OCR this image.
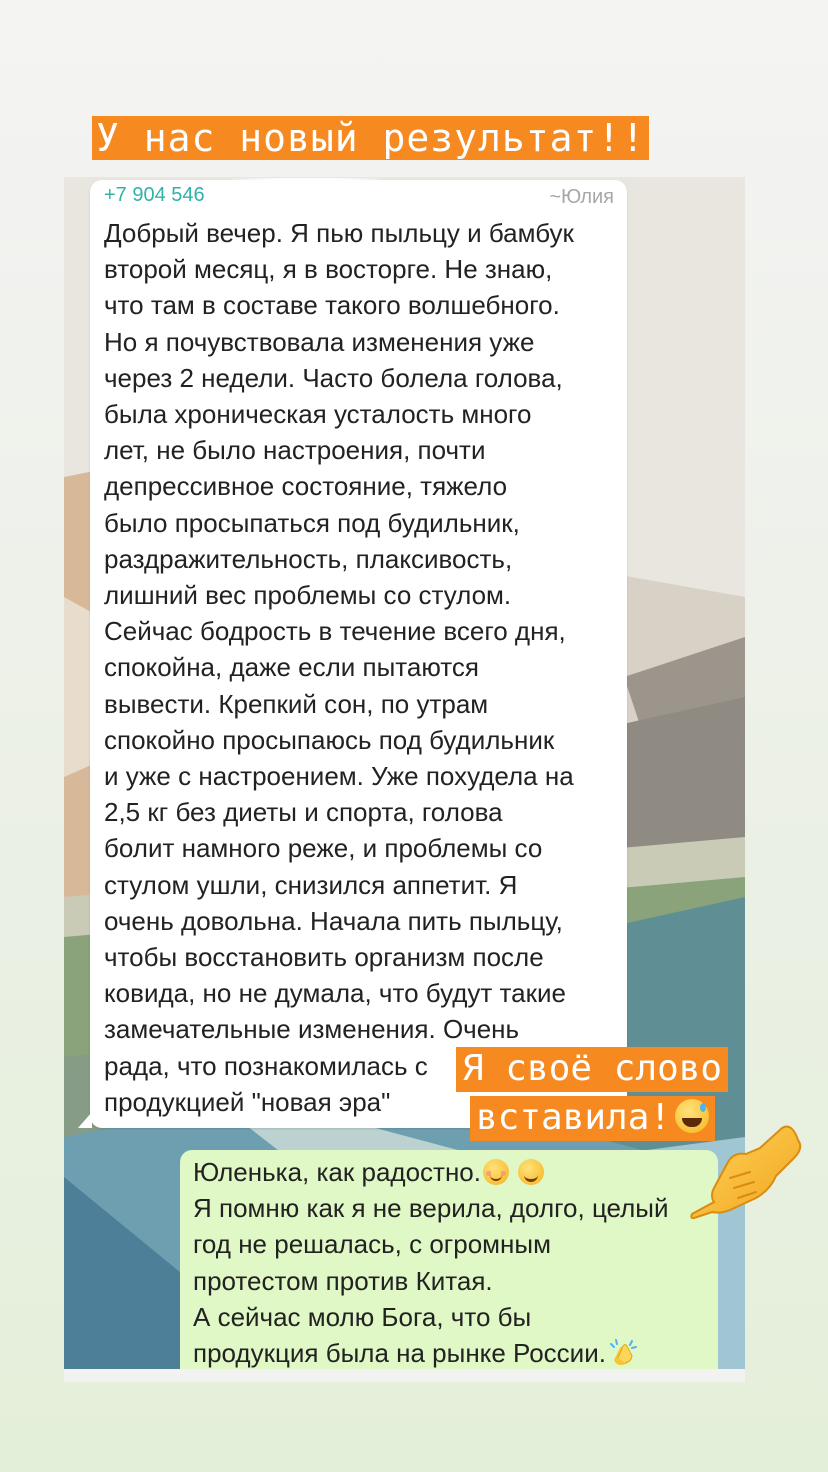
У нас новый результат!!
+7 904 546	~Юлия
Добрый вечер. Я пью пыльцу и бамбук
второй месяц, я в восторге. Не знаю,
что там в составе такого волшебного.
Но я почувствовала изменения уже
через 2 недели. Часто болела голова,
была хроническая усталость много
лет, не было настроения, почти
депрессивное состояние, тяжело
было просыпаться под будильник,
раздражительность, плаксивость,
лишний вес проблемы со стулом.
Сейчас бодрость в течение всего дня,
спокойна, даже если пытаются
вывести. Крепкий сон, по утрам
спокойно просыпаюсь под будильник
и уже с настроением. Уже похудела на
2,5 кг без диеты и спорта, голова
болит намного реже, и проблемы со
стулом ушли, снизился аппетит. Я
очень довольна. Начала пить пыльцу,
чтобы восстановить организм после
ковида, но не думала, что будут такие
замечательные изменения. Очень
рада, что познакомилась с
продукцией "новая эра"
Юленька, как радостно.
Я помню как я не верила, долго, целый
год не решалась, с огромным
протестом против Китая.
А сейчас молю Бога, что бы
продукция была на рынке России.
Я своё слово
вставила!
